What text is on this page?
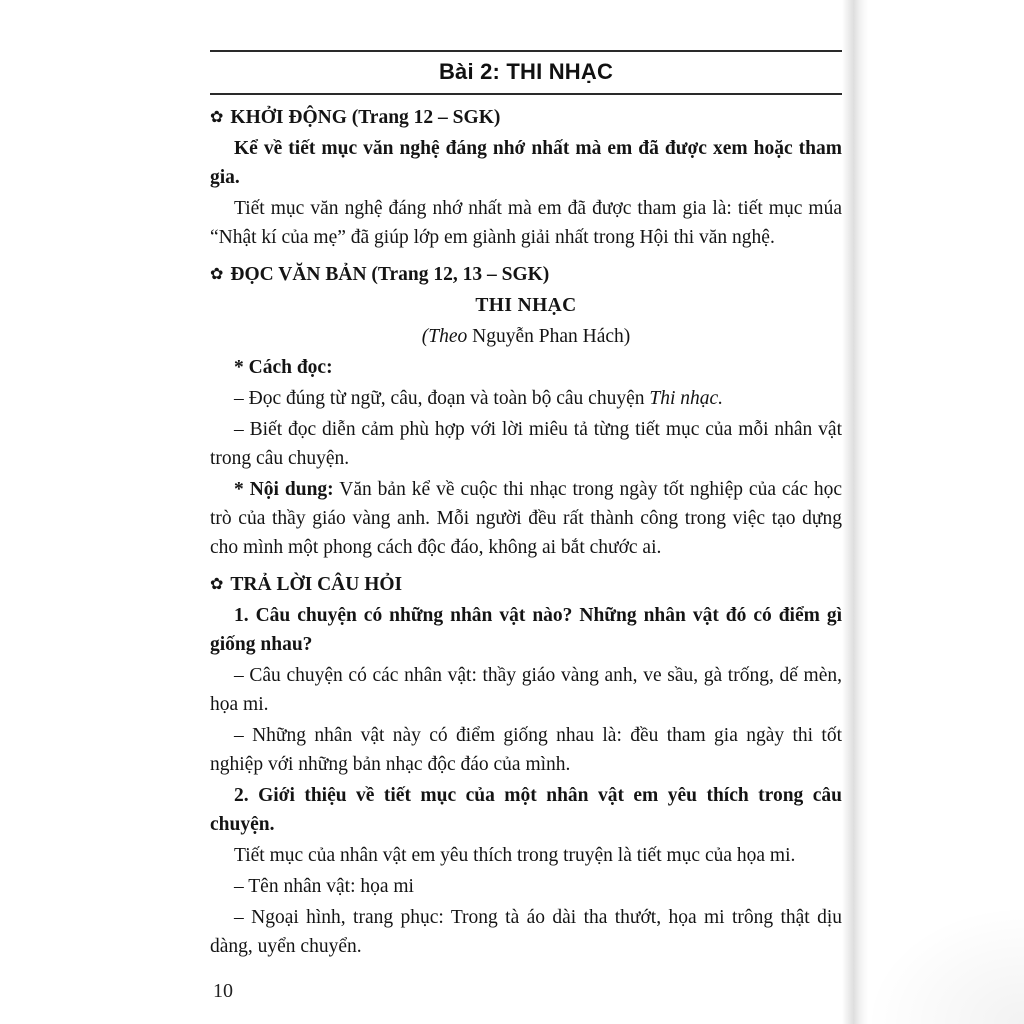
Bài 2: THI NHẠC

✿ KHỞI ĐỘNG (Trang 12 – SGK)

Kể về tiết mục văn nghệ đáng nhớ nhất mà em đã được xem hoặc tham gia.

Tiết mục văn nghệ đáng nhớ nhất mà em đã được tham gia là: tiết mục múa “Nhật kí của mẹ” đã giúp lớp em giành giải nhất trong Hội thi văn nghệ.

✿ ĐỌC VĂN BẢN (Trang 12, 13 – SGK)

THI NHẠC

(Theo Nguyễn Phan Hách)

* Cách đọc:

– Đọc đúng từ ngữ, câu, đoạn và toàn bộ câu chuyện Thi nhạc.

– Biết đọc diễn cảm phù hợp với lời miêu tả từng tiết mục của mỗi nhân vật trong câu chuyện.

* Nội dung: Văn bản kể về cuộc thi nhạc trong ngày tốt nghiệp của các học trò của thầy giáo vàng anh. Mỗi người đều rất thành công trong việc tạo dựng cho mình một phong cách độc đáo, không ai bắt chước ai.

✿ TRẢ LỜI CÂU HỎI

1. Câu chuyện có những nhân vật nào? Những nhân vật đó có điểm gì giống nhau?

– Câu chuyện có các nhân vật: thầy giáo vàng anh, ve sầu, gà trống, dế mèn, họa mi.

– Những nhân vật này có điểm giống nhau là: đều tham gia ngày thi tốt nghiệp với những bản nhạc độc đáo của mình.

2. Giới thiệu về tiết mục của một nhân vật em yêu thích trong câu chuyện.

Tiết mục của nhân vật em yêu thích trong truyện là tiết mục của họa mi.

– Tên nhân vật: họa mi

– Ngoại hình, trang phục: Trong tà áo dài tha thướt, họa mi trông thật dịu dàng, uyển chuyển.

10
